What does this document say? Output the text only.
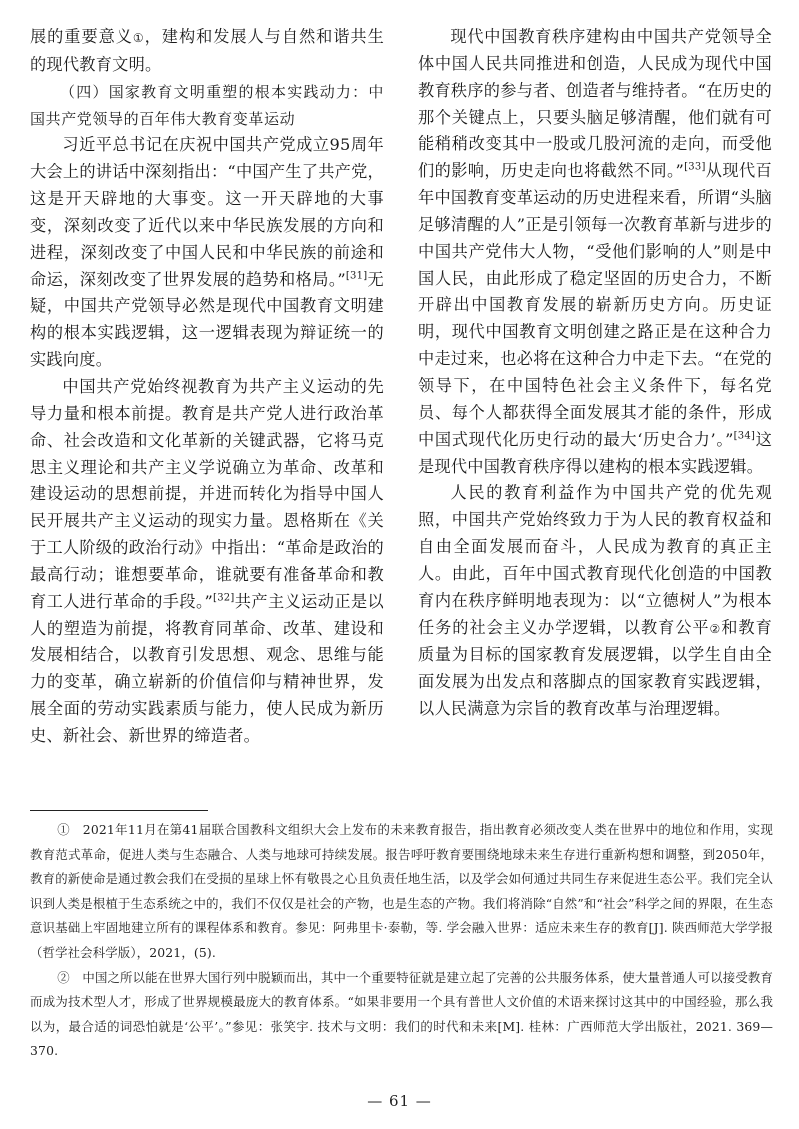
展的重要意义①，建构和发展人与自然和谐共生的现代教育文明。

（四）国家教育文明重塑的根本实践动力：中国共产党领导的百年伟大教育变革运动

习近平总书记在庆祝中国共产党成立95周年大会上的讲话中深刻指出：“中国产生了共产党，这是开天辟地的大事变。这一开天辟地的大事变，深刻改变了近代以来中华民族发展的方向和进程，深刻改变了中国人民和中华民族的前途和命运，深刻改变了世界发展的趋势和格局。”[31]无疑，中国共产党领导必然是现代中国教育文明建构的根本实践逻辑，这一逻辑表现为辩证统一的实践向度。

中国共产党始终视教育为共产主义运动的先导力量和根本前提。教育是共产党人进行政治革命、社会改造和文化革新的关键武器，它将马克思主义理论和共产主义学说确立为革命、改革和建设运动的思想前提，并进而转化为指导中国人民开展共产主义运动的现实力量。恩格斯在《关于工人阶级的政治行动》中指出：“革命是政治的最高行动；谁想要革命，谁就要有准备革命和教育工人进行革命的手段。”[32]共产主义运动正是以人的塑造为前提，将教育同革命、改革、建设和发展相结合，以教育引发思想、观念、思维与能力的变革，确立崭新的价值信仰与精神世界，发展全面的劳动实践素质与能力，使人民成为新历史、新社会、新世界的缔造者。

现代中国教育秩序建构由中国共产党领导全体中国人民共同推进和创造，人民成为现代中国教育秩序的参与者、创造者与维持者。“在历史的那个关键点上，只要头脑足够清醒，他们就有可能稍稍改变其中一股或几股河流的走向，而受他们的影响，历史走向也将截然不同。”[33]从现代百年中国教育变革运动的历史进程来看，所谓“头脑足够清醒的人”正是引领每一次教育革新与进步的中国共产党伟大人物，“受他们影响的人”则是中国人民，由此形成了稳定坚固的历史合力，不断开辟出中国教育发展的崭新历史方向。历史证明，现代中国教育文明创建之路正是在这种合力中走过来，也必将在这种合力中走下去。“在党的领导下，在中国特色社会主义条件下，每名党员、每个人都获得全面发展其才能的条件，形成中国式现代化历史行动的最大‘历史合力’。”[34]这是现代中国教育秩序得以建构的根本实践逻辑。

人民的教育利益作为中国共产党的优先观照，中国共产党始终致力于为人民的教育权益和自由全面发展而奋斗，人民成为教育的真正主人。由此，百年中国式教育现代化创造的中国教育内在秩序鲜明地表现为：以“立德树人”为根本任务的社会主义办学逻辑，以教育公平②和教育质量为目标的国家教育发展逻辑，以学生自由全面发展为出发点和落脚点的国家教育实践逻辑，以人民满意为宗旨的教育改革与治理逻辑。

①　 2021年11月在第41届联合国教科文组织大会上发布的未来教育报告，指出教育必须改变人类在世界中的地位和作用，实现教育范式革命，促进人类与生态融合、人类与地球可持续发展。报告呼吁教育要围绕地球未来生存进行重新构想和调整，到2050年，教育的新使命是通过教会我们在受损的星球上怀有敬畏之心且负责任地生活，以及学会如何通过共同生存来促进生态公平。我们完全认识到人类是根植于生态系统之中的，我们不仅仅是社会的产物，也是生态的产物。我们将消除“自然”和“社会”科学之间的界限，在生态意识基础上牢固地建立所有的课程体系和教育。参见：阿弗里卡·泰勒，等. 学会融入世界：适应未来生存的教育[J]. 陕西师范大学学报（哲学社会科学版），2021，(5).

②　 中国之所以能在世界大国行列中脱颖而出，其中一个重要特征就是建立起了完善的公共服务体系，使大量普通人可以接受教育而成为技术型人才，形成了世界规模最庞大的教育体系。“如果非要用一个具有普世人文价值的术语来探讨这其中的中国经验，那么我以为，最合适的词恐怕就是‘公平’。”参见：张笑宇. 技术与文明：我们的时代和未来[M]. 桂林：广西师范大学出版社，2021. 369—370.

— 61 —
